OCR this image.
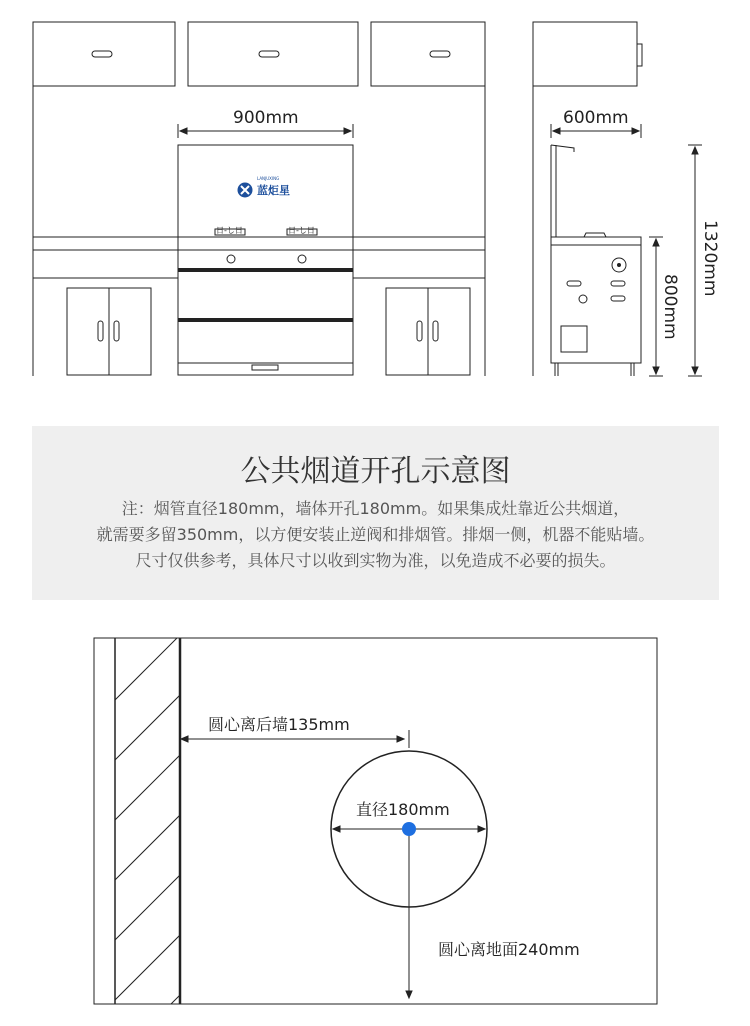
900mm	600mm
800mm
1320mm
蓝炬星
LANJUXING
日-し日	日-し日
公共烟道开孔示意图
注：烟管直径180mm，墙体开孔180mm。如果集成灶靠近公共烟道，
就需要多留350mm，以方便安装止逆阀和排烟管。排烟一侧，机器不能贴墙。
尺寸仅供参考，具体尺寸以收到实物为准，以免造成不必要的损失。
圆心离后墙135mm
直径180mm
圆心离地面240mm
